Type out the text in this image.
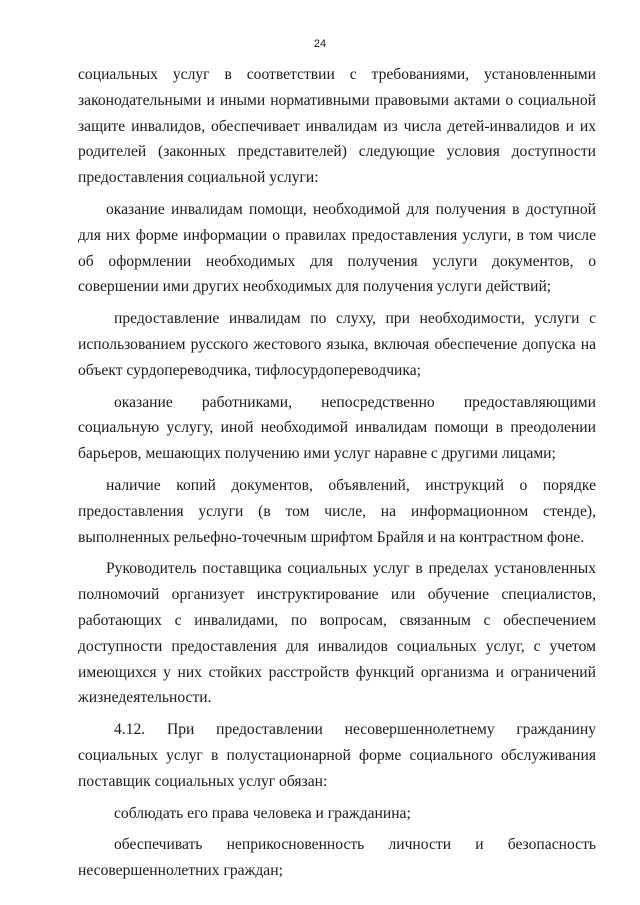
24

социальных услуг в соответствии с требованиями, установленными законодательными и иными нормативными правовыми актами о социальной защите инвалидов, обеспечивает инвалидам из числа детей-инвалидов и их родителей (законных представителей) следующие условия доступности предоставления социальной услуги:

оказание инвалидам помощи, необходимой для получения в доступной для них форме информации о правилах предоставления услуги, в том числе об оформлении необходимых для получения услуги документов, о совершении ими других необходимых для получения услуги действий;

предоставление инвалидам по слуху, при необходимости, услуги с использованием русского жестового языка, включая обеспечение допуска на объект сурдопереводчика, тифлосурдопереводчика;

оказание работниками, непосредственно предоставляющими социальную услугу, иной необходимой инвалидам помощи в преодолении барьеров, мешающих получению ими услуг наравне с другими лицами;

наличие копий документов, объявлений, инструкций о порядке предоставления услуги (в том числе, на информационном стенде), выполненных рельефно-точечным шрифтом Брайля и на контрастном фоне.

Руководитель поставщика социальных услуг в пределах установленных полномочий организует инструктирование или обучение специалистов, работающих с инвалидами, по вопросам, связанным с обеспечением доступности предоставления для инвалидов социальных услуг, с учетом имеющихся у них стойких расстройств функций организма и ограничений жизнедеятельности.

4.12. При предоставлении несовершеннолетнему гражданину социальных услуг в полустационарной форме социального обслуживания поставщик социальных услуг обязан:

соблюдать его права человека и гражданина;

обеспечивать неприкосновенность личности и безопасность несовершеннолетних граждан;
